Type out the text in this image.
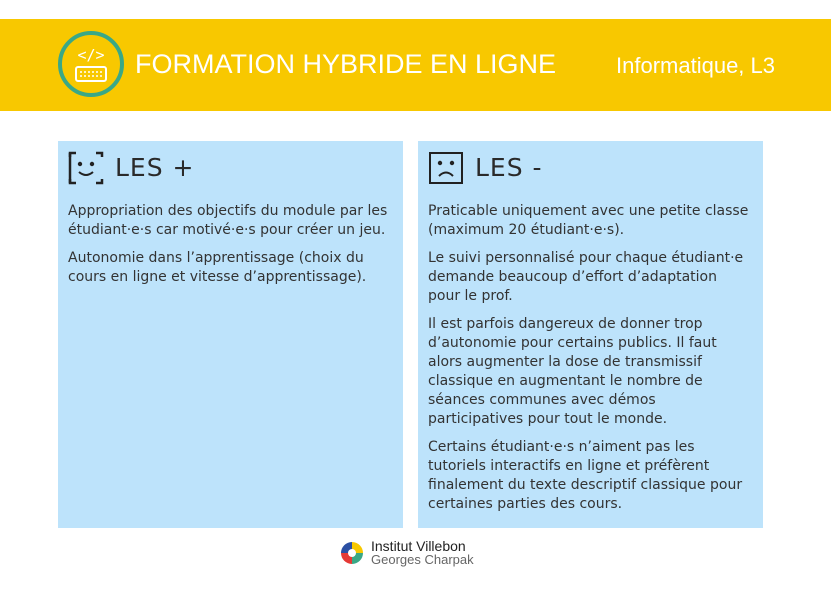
</> FORMATION HYBRIDE EN LIGNE	Informatique, L3
LES +

Appropriation des objectifs du module par les étudiant·e·s car motivé·e·s pour créer un jeu.

Autonomie dans l’apprentissage (choix du cours en ligne et vitesse d’apprentissage).

LES -

Praticable uniquement avec une petite classe (maximum 20 étudiant·e·s).

Le suivi personnalisé pour chaque étudiant·e demande beaucoup d’effort d’adaptation pour le prof.

Il est parfois dangereux de donner trop d’autonomie pour certains publics. Il faut alors augmenter la dose de transmissif classique en augmentant le nombre de séances communes avec démos participatives pour tout le monde.

Certains étudiant·e·s n’aiment pas les tutoriels interactifs en ligne et préfèrent finalement du texte descriptif classique pour certaines parties des cours.

Institut Villebon
Georges Charpak
